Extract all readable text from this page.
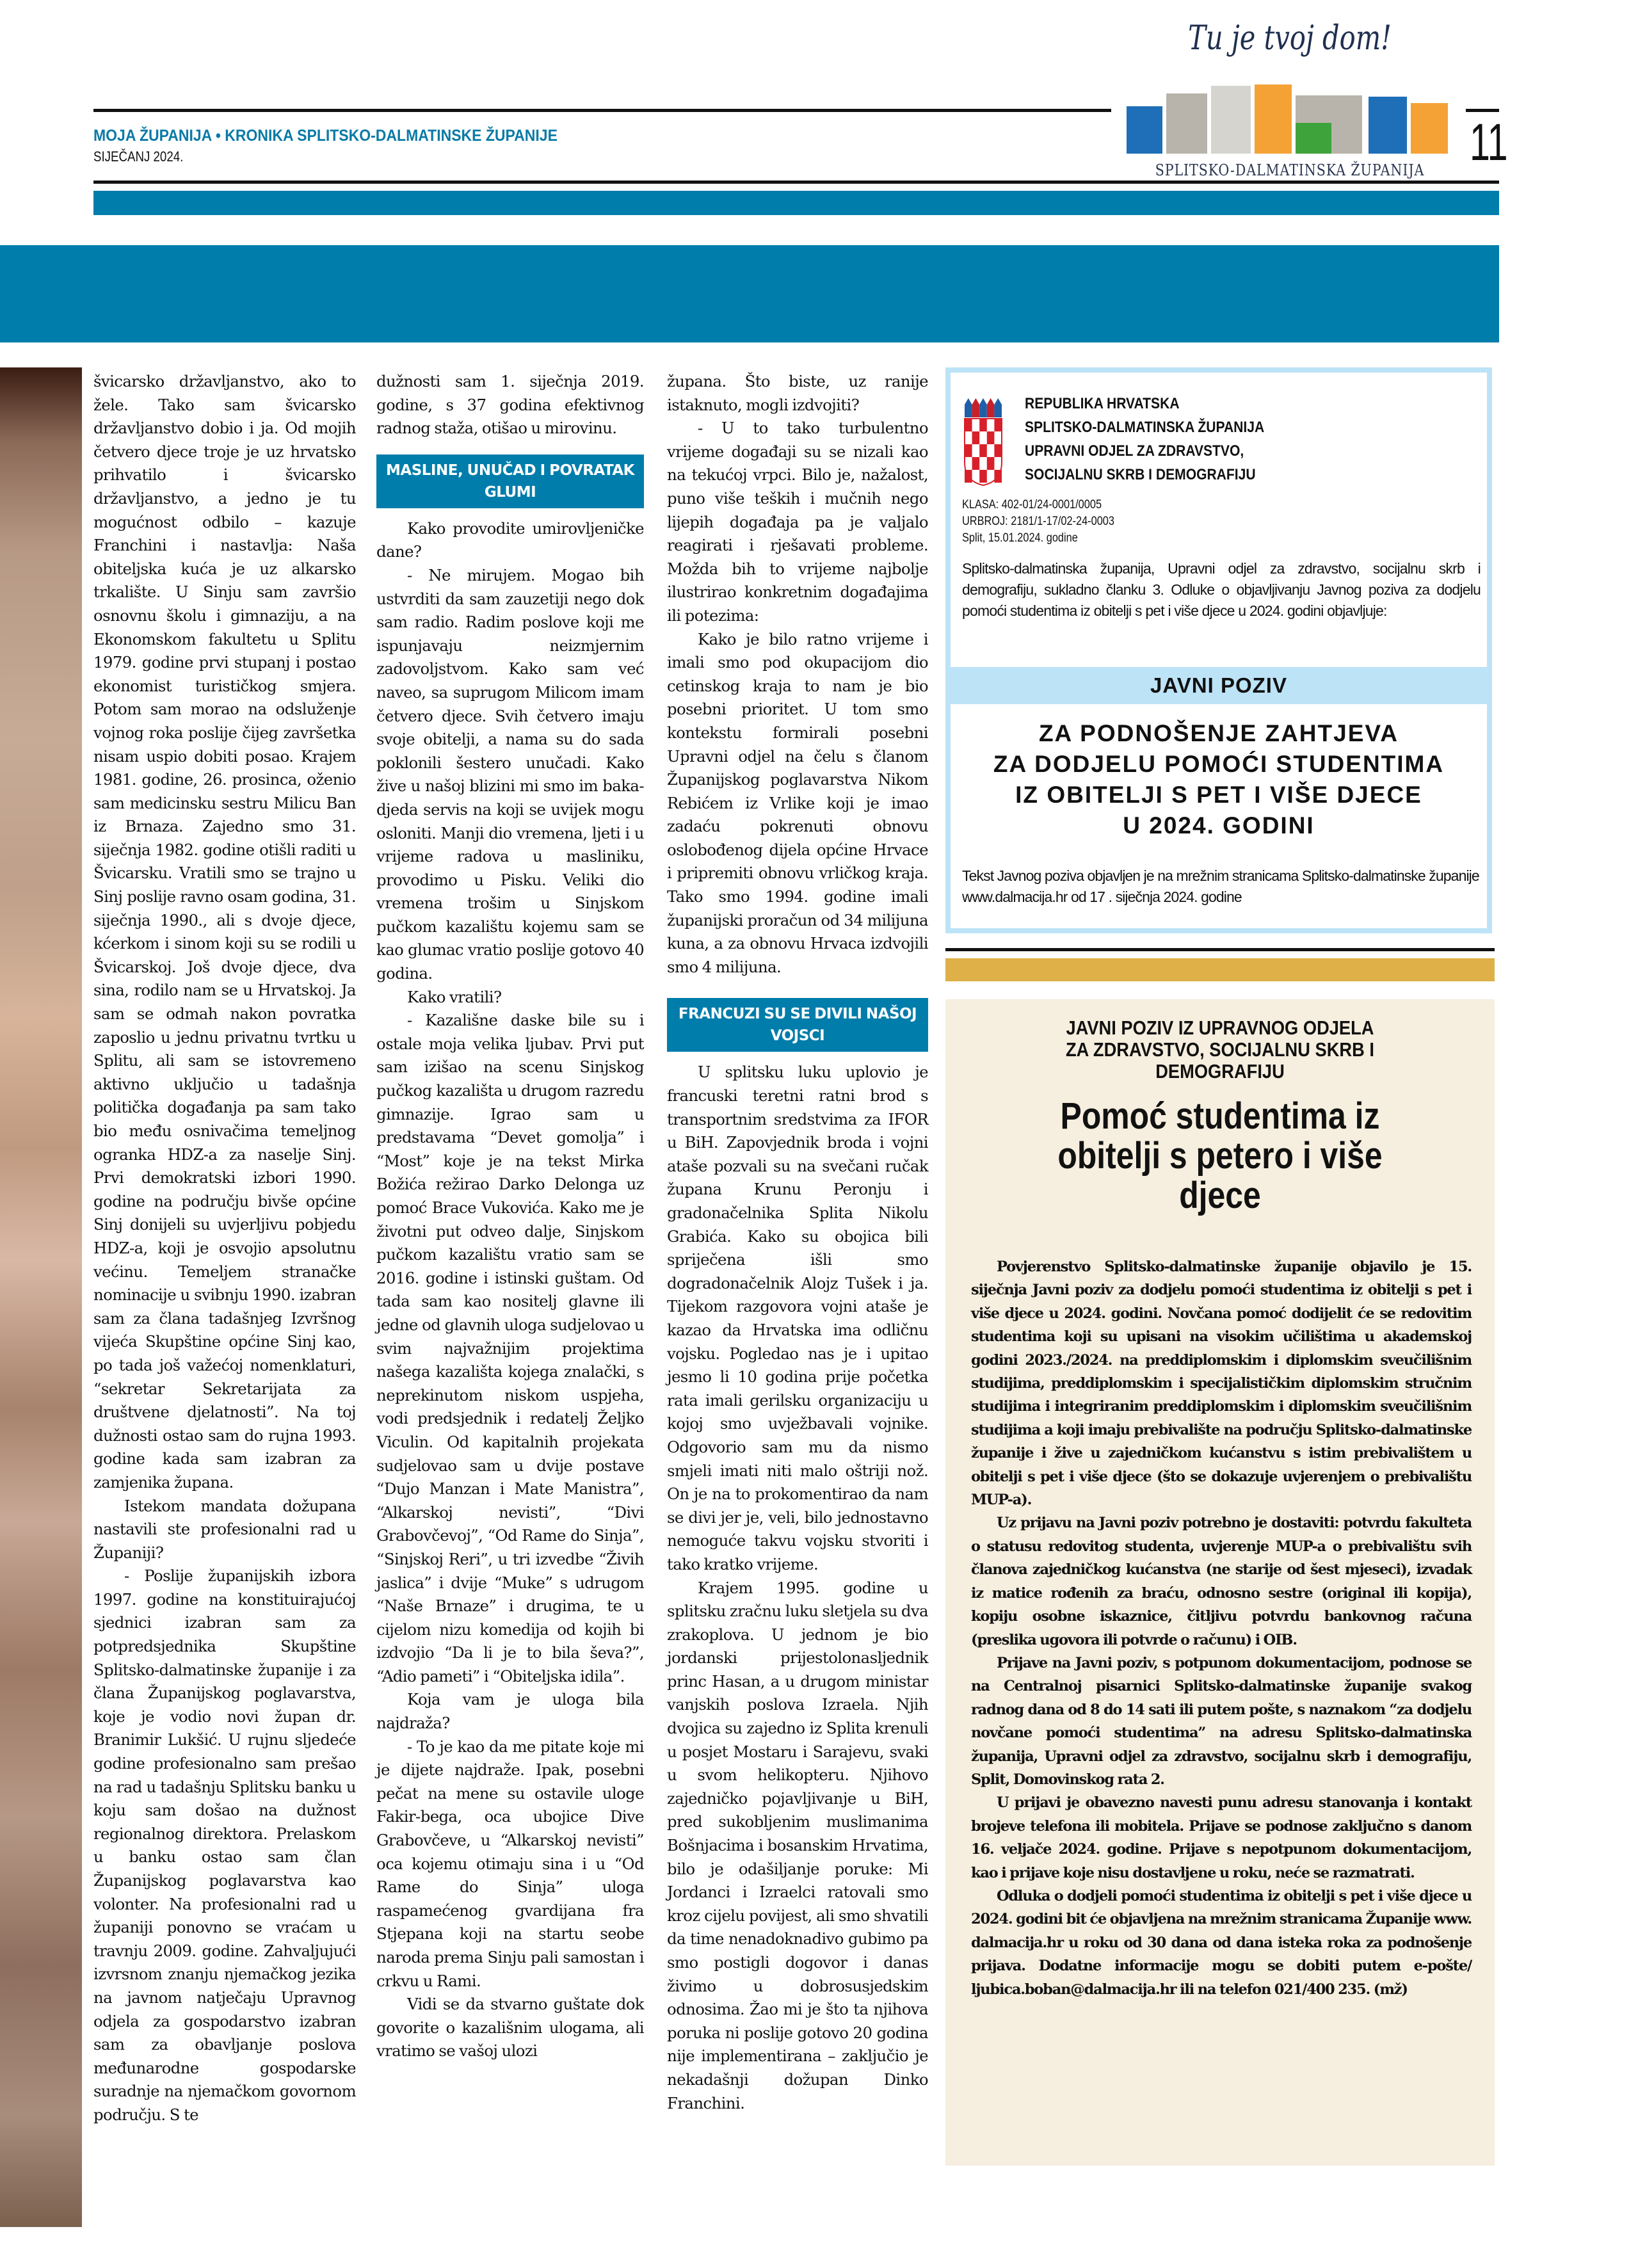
MOJA ŽUPANIJA • KRONIKA SPLITSKO-DALMATINSKE ŽUPANIJE
SIJEČANJ 2024.
Tu je tvoj dom!
SPLITSKO-DALMATINSKA ŽUPANIJA 11

švicarsko državljanstvo, ako to žele. Tako sam švicarsko državljanstvo dobio i ja. Od mojih četvero djece troje je uz hrvatsko prihvatilo i švicarsko državljanstvo, a jedno je tu mogućnost odbilo – kazuje Franchini i nastavlja: Naša obiteljska kuća je uz alkarsko trkalište. U Sinju sam završio osnovnu školu i gimnaziju, a na Ekonomskom fakultetu u Splitu 1979. godine prvi stupanj i postao ekonomist turističkog smjera. Potom sam morao na odsluženje vojnog roka poslije čijeg završetka nisam uspio dobiti posao. Krajem 1981. godine, 26. prosinca, oženio sam medicinsku sestru Milicu Ban iz Brnaza. Zajedno smo 31. siječnja 1982. godine otišli raditi u Švicarsku. Vratili smo se trajno u Sinj poslije ravno osam godina, 31. siječnja 1990., ali s dvoje djece, kćerkom i sinom koji su se rodili u Švicarskoj. Još dvoje djece, dva sina, rodilo nam se u Hrvatskoj. Ja sam se odmah nakon povratka zaposlio u jednu privatnu tvrtku u Splitu, ali sam se istovremeno aktivno uključio u tadašnja politička događanja pa sam tako bio među osnivačima temeljnog ogranka HDZ-a za naselje Sinj. Prvi demokratski izbori 1990. godine na području bivše općine Sinj donijeli su uvjerljivu pobjedu HDZ-a, koji je osvojio apsolutnu većinu. Temeljem stranačke nominacije u svibnju 1990. izabran sam za člana tadašnjeg Izvršnog vijeća Skupštine općine Sinj kao, po tada još važećoj nomenklaturi, “sekretar Sekretarijata za društvene djelatnosti”. Na toj dužnosti ostao sam do rujna 1993. godine kada sam izabran za zamjenika župana.

Istekom mandata dožupana nastavili ste profesionalni rad u Županiji?

- Poslije županijskih izbora 1997. godine na konstituirajućoj sjednici izabran sam za potpredsjednika Skupštine Splitsko-dalmatinske županije i za člana Županijskog poglavarstva, koje je vodio novi župan dr. Branimir Lukšić. U rujnu sljedeće godine profesionalno sam prešao na rad u tadašnju Splitsku banku u koju sam došao na dužnost regionalnog direktora. Prelaskom u banku ostao sam član Županijskog poglavarstva kao volonter. Na profesionalni rad u županiji ponovno se vraćam u travnju 2009. godine. Zahvaljujući izvrsnom znanju njemačkog jezika na javnom natječaju Upravnog odjela za gospodarstvo izabran sam za obavljanje poslova međunarodne gospodarske suradnje na njemačkom govornom području. S te

dužnosti sam 1. siječnja 2019. godine, s 37 godina efektivnog radnog staža, otišao u mirovinu.

MASLINE, UNUČAD I POVRATAK GLUMI

Kako provodite umirovljeničke dane?

- Ne mirujem. Mogao bih ustvrditi da sam zauzetiji nego dok sam radio. Radim poslove koji me ispunjavaju neizmjernim zadovoljstvom. Kako sam već naveo, sa suprugom Milicom imam četvero djece. Svih četvero imaju svoje obitelji, a nama su do sada poklonili šestero unučadi. Kako žive u našoj blizini mi smo im baka-djeda servis na koji se uvijek mogu osloniti. Manji dio vremena, ljeti i u vrijeme radova u masliniku, provodimo u Pisku. Veliki dio vremena trošim u Sinjskom pučkom kazalištu kojemu sam se kao glumac vratio poslije gotovo 40 godina.

Kako vratili?

- Kazališne daske bile su i ostale moja velika ljubav. Prvi put sam izišao na scenu Sinjskog pučkog kazališta u drugom razredu gimnazije. Igrao sam u predstavama “Devet gomolja” i “Most” koje je na tekst Mirka Božića režirao Darko Delonga uz pomoć Brace Vukovića. Kako me je životni put odveo dalje, Sinjskom pučkom kazalištu vratio sam se 2016. godine i istinski guštam. Od tada sam kao nositelj glavne ili jedne od glavnih uloga sudjelovao u svim najvažnijim projektima našega kazališta kojega znalački, s neprekinutom niskom uspjeha, vodi predsjednik i redatelj Željko Viculin. Od kapitalnih projekata sudjelovao sam u dvije postave “Dujo Manzan i Mate Manistra”, “Alkarskoj nevisti”, “Divi Grabovčevoj”, “Od Rame do Sinja”, “Sinjskoj Reri”, u tri izvedbe “Živih jaslica” i dvije “Muke” s udrugom “Naše Brnaze” i drugima, te u cijelom nizu komedija od kojih bi izdvojio “Da li je to bila ševa?”, “Adio pameti” i “Obiteljska idila”.

Koja vam je uloga bila najdraža?

- To je kao da me pitate koje mi je dijete najdraže. Ipak, posebni pečat na mene su ostavile uloge Fakir-bega, oca ubojice Dive Grabovčeve, u “Alkarskoj nevisti” oca kojemu otimaju sina i u “Od Rame do Sinja” uloga raspamećenog gvardijana fra Stjepana koji na startu seobe naroda prema Sinju pali samostan i crkvu u Rami.

Vidi se da stvarno guštate dok govorite o kazališnim ulogama, ali vratimo se vašoj ulozi

župana. Što biste, uz ranije istaknuto, mogli izdvojiti?

- U to tako turbulentno vrijeme događaji su se nizali kao na tekućoj vrpci. Bilo je, nažalost, puno više teških i mučnih nego lijepih događaja pa je valjalo reagirati i rješavati probleme. Možda bih to vrijeme najbolje ilustrirao konkretnim događajima ili potezima:

Kako je bilo ratno vrijeme i imali smo pod okupacijom dio cetinskog kraja to nam je bio posebni prioritet. U tom smo kontekstu formirali posebni Upravni odjel na čelu s članom Županijskog poglavarstva Nikom Rebićem iz Vrlike koji je imao zadaću pokrenuti obnovu oslobođenog dijela općine Hrvace i pripremiti obnovu vrličkog kraja. Tako smo 1994. godine imali županijski proračun od 34 milijuna kuna, a za obnovu Hrvaca izdvojili smo 4 milijuna.

FRANCUZI SU SE DIVILI NAŠOJ VOJSCI

U splitsku luku uplovio je francuski teretni ratni brod s transportnim sredstvima za IFOR u BiH. Zapovjednik broda i vojni ataše pozvali su na svečani ručak župana Krunu Peronju i gradonačelnika Splita Nikolu Grabića. Kako su obojica bili spriječena išli smo dogradonačelnik Alojz Tušek i ja. Tijekom razgovora vojni ataše je kazao da Hrvatska ima odličnu vojsku. Pogledao nas je i upitao jesmo li 10 godina prije početka rata imali gerilsku organizaciju u kojoj smo uvježbavali vojnike. Odgovorio sam mu da nismo smjeli imati niti malo oštriji nož. On je na to prokomentirao da nam se divi jer je, veli, bilo jednostavno nemoguće takvu vojsku stvoriti i tako kratko vrijeme.

Krajem 1995. godine u splitsku zračnu luku sletjela su dva zrakoplova. U jednom je bio jordanski prijestolonasljednik princ Hasan, a u drugom ministar vanjskih poslova Izraela. Njih dvojica su zajedno iz Splita krenuli u posjet Mostaru i Sarajevu, svaki u svom helikopteru. Njihovo zajedničko pojavljivanje u BiH, pred sukobljenim muslimanima Bošnjacima i bosanskim Hrvatima, bilo je odašiljanje poruke: Mi Jordanci i Izraelci ratovali smo kroz cijelu povijest, ali smo shvatili da time nenadoknadivo gubimo pa smo postigli dogovor i danas živimo u dobrosusjedskim odnosima. Žao mi je što ta njihova poruka ni poslije gotovo 20 godina nije implementirana – zaključio je nekadašnji dožupan Dinko Franchini.

REPUBLIKA HRVATSKA
SPLITSKO-DALMATINSKA ŽUPANIJA
UPRAVNI ODJEL ZA ZDRAVSTVO,
SOCIJALNU SKRB I DEMOGRAFIJU
KLASA: 402-01/24-0001/0005
URBROJ: 2181/1-17/02-24-0003
Split, 15.01.2024. godine
Splitsko-dalmatinska županija, Upravni odjel za zdravstvo, socijalnu skrb i demografiju, sukladno članku 3. Odluke o objavljivanju Javnog poziva za dodjelu pomoći studentima iz obitelji s pet i više djece u 2024. godini objavljuje:
JAVNI POZIV
ZA PODNOŠENJE ZAHTJEVA
ZA DODJELU POMOĆI STUDENTIMA
IZ OBITELJI S PET I VIŠE DJECE
U 2024. GODINI
Tekst Javnog poziva objavljen je na mrežnim stranicama Splitsko-dalmatinske županije www.dalmacija.hr od 17 . siječnja 2024. godine
JAVNI POZIV IZ UPRAVNOG ODJELA
ZA ZDRAVSTVO, SOCIJALNU SKRB I
DEMOGRAFIJU
Pomoć studentima iz
obitelji s petero i više
djece

Povjerenstvo Splitsko-dalmatinske županije objavilo je 15. siječnja Javni poziv za dodjelu pomoći studentima iz obitelji s pet i više djece u 2024. godini. Novčana pomoć dodijelit će se redovitim studentima koji su upisani na visokim učilištima u akademskoj godini 2023./2024. na preddiplomskim i diplomskim sveučilišnim studijima, preddiplomskim i specijalističkim diplomskim stručnim studijima i integriranim preddiplomskim i diplomskim sveučilišnim studijima a koji imaju prebivalište na području Splitsko-dalmatinske županije i žive u zajedničkom kućanstvu s istim prebivalištem u obitelji s pet i više djece (što se dokazuje uvjerenjem o prebivalištu MUP-a).

Uz prijavu na Javni poziv potrebno je dostaviti: potvrdu fakulteta o statusu redovitog studenta, uvjerenje MUP-a o prebivalištu svih članova zajedničkog kućanstva (ne starije od šest mjeseci), izvadak iz matice rođenih za braću, odnosno sestre (original ili kopija), kopiju osobne iskaznice, čitljivu potvrdu bankovnog računa (preslika ugovora ili potvrde o računu) i OIB.

Prijave na Javni poziv, s potpunom dokumentacijom, podnose se na Centralnoj pisarnici Splitsko-dalmatinske županije svakog radnog dana od 8 do 14 sati ili putem pošte, s naznakom “za dodjelu novčane pomoći studentima” na adresu Splitsko-dalmatinska županija, Upravni odjel za zdravstvo, socijalnu skrb i demografiju, Split, Domovinskog rata 2.

U prijavi je obavezno navesti punu adresu stanovanja i kontakt brojeve telefona ili mobitela. Prijave se podnose zaključno s danom 16. veljače 2024. godine. Prijave s nepotpunom dokumentacijom, kao i prijave koje nisu dostavljene u roku, neće se razmatrati.

Odluka o dodjeli pomoći studentima iz obitelji s pet i više djece u 2024. godini bit će objavljena na mrežnim stranicama Županije www. dalmacija.hr u roku od 30 dana od dana isteka roka za podnošenje prijava. Dodatne informacije mogu se dobiti putem e-pošte/ ljubica.boban@dalmacija.hr ili na telefon 021/400 235. (mž)
